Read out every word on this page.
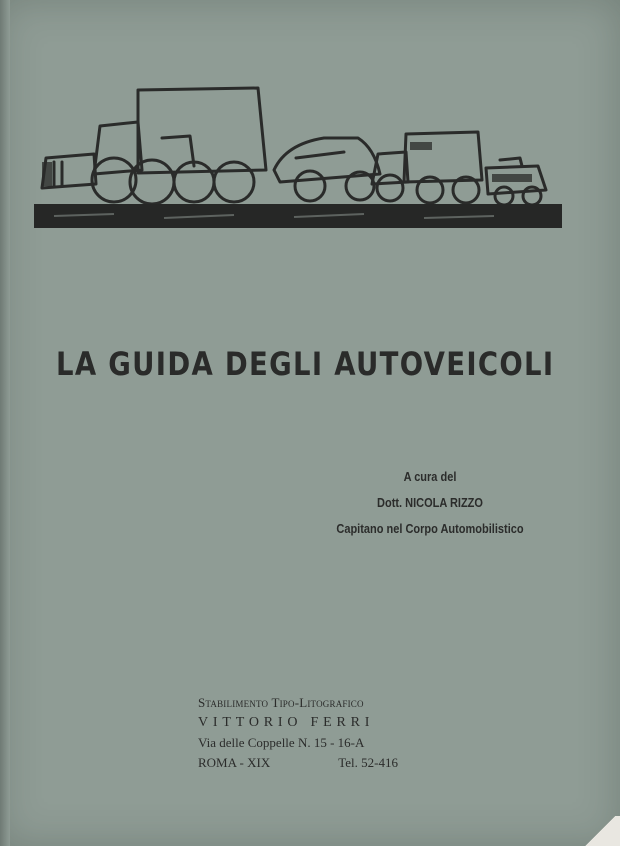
LA GUIDA DEGLI AUTOVEICOLI
A cura del
Dott. NICOLA RIZZO
Capitano nel Corpo Automobilistico
Stabilimento Tipo-Litografico
VITTORIO FERRI
Via delle Coppelle N. 15 - 16-A
ROMA - XIX	Tel. 52-416
